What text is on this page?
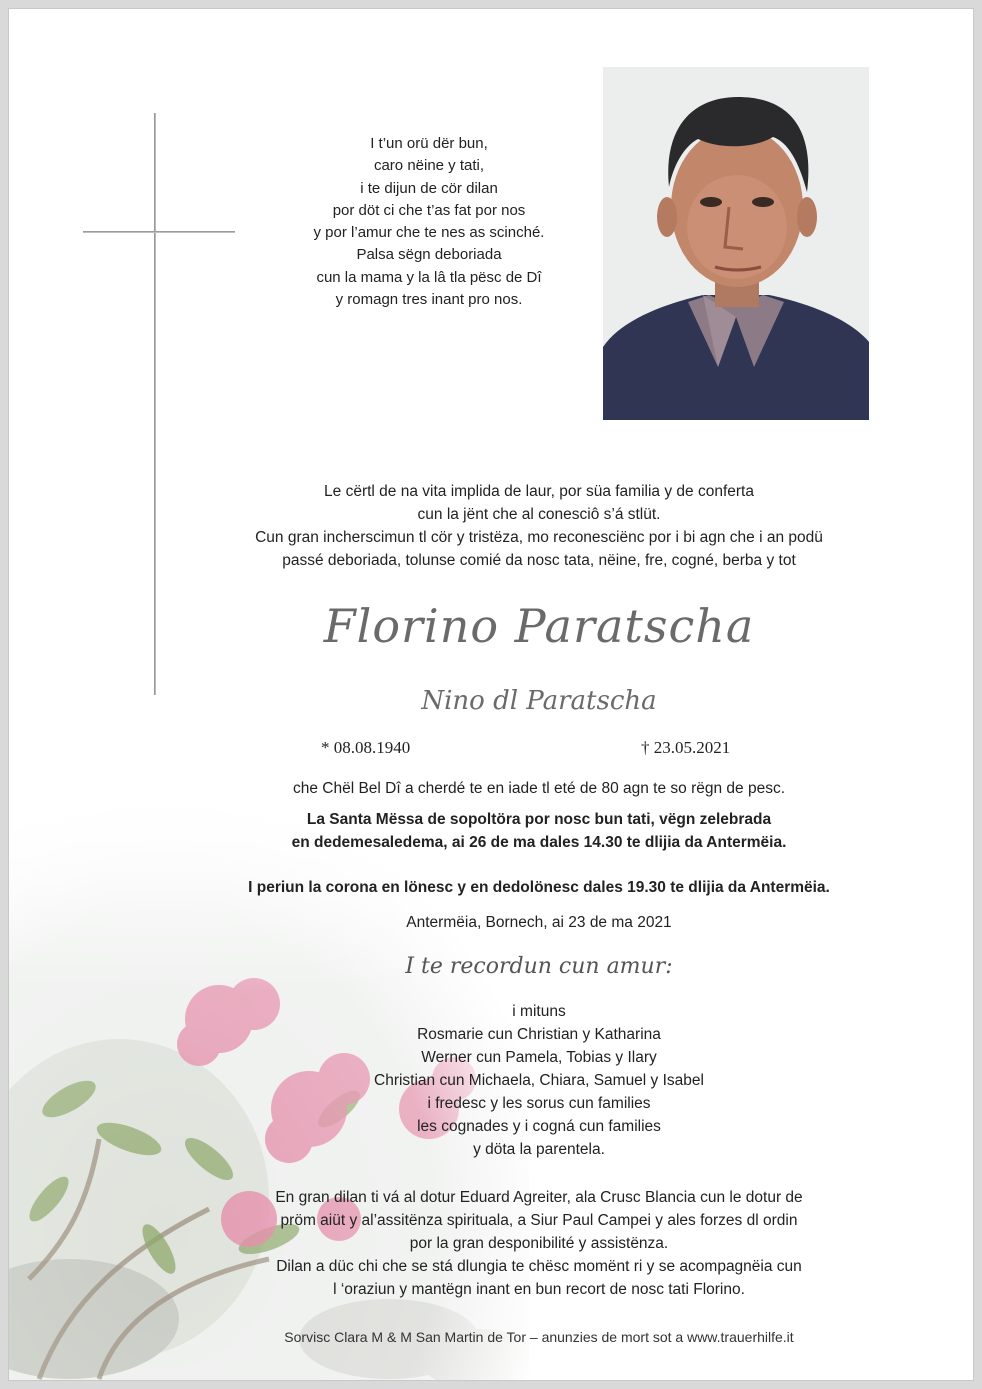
I t’un orü dër bun,
caro nëine y tati,
i te dijun de cör dilan
por döt ci che t’as fat por nos
y por l’amur che te nes as scinché.
Palsa sëgn deboriada
cun la mama y la lâ tla pësc de Dî
y romagn tres inant pro nos.
Le cërtl de na vita implida de laur, por süa familia y de conferta
cun la jënt che al conesciô s’á stlüt.
Cun gran incherscimun tl cör y tristëza, mo reconesciënc por i bi agn che i an podü
passé deboriada, tolunse comié da nosc tata, nëine, fre, cogné, berba y tot
Florino Paratscha
Nino dl Paratscha
* 08.08.1940	† 23.05.2021
che Chël Bel Dî a cherdé te en iade tl eté de 80 agn te so rëgn de pesc.
La Santa Mëssa de sopoltöra por nosc bun tati, vëgn zelebrada
en dedemesaledema, ai 26 de ma dales 14.30 te dlijia da Antermëia.
I periun la corona en lönesc y en dedolönesc dales 19.30 te dlijia da Antermëia.
Antermëia, Bornech, ai 23 de ma 2021
I te recordun cun amur:
i mituns
Rosmarie cun Christian y Katharina
Werner cun Pamela, Tobias y Ilary
Christian cun Michaela, Chiara, Samuel y Isabel
i fredesc y les sorus cun families
les cognades y i cogná cun families
y döta la parentela.
En gran dilan ti vá al dotur Eduard Agreiter, ala Crusc Blancia cun le dotur de
pröm aiüt y al’assitënza spirituala, a Siur Paul Campei y ales forzes dl ordin
por la gran desponibilité y assistënza.
Dilan a düc chi che se stá dlungia te chësc momënt ri y se acompagnëia cun
l ‘oraziun y mantëgn inant en bun recort de nosc tati Florino.
Sorvisc Clara M & M San Martin de Tor – anunzies de mort sot a www.trauerhilfe.it
